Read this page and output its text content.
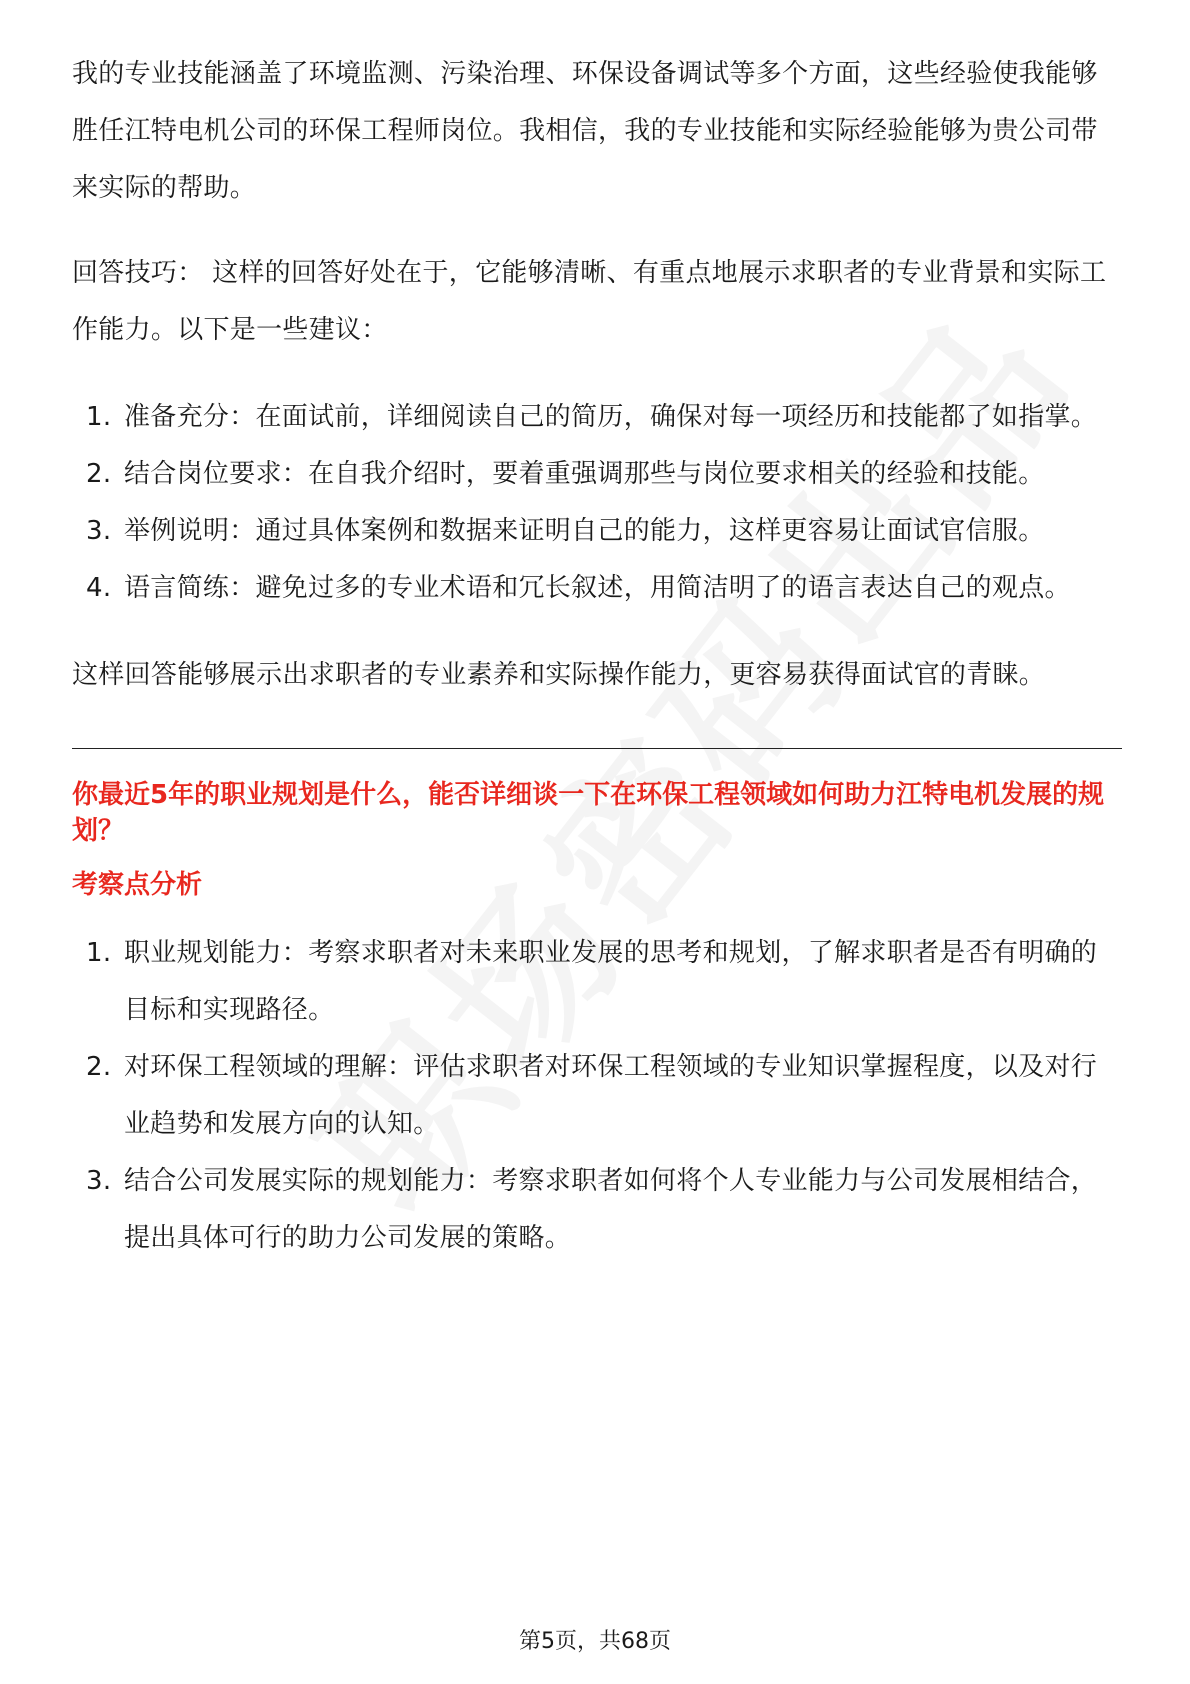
我的专业技能涵盖了环境监测、污染治理、环保设备调试等多个方面，这些经验使我能够胜任江特电机公司的环保工程师岗位。我相信，我的专业技能和实际经验能够为贵公司带来实际的帮助。

回答技巧： 这样的回答好处在于，它能够清晰、有重点地展示求职者的专业背景和实际工作能力。以下是一些建议：

1. 准备充分：在面试前，详细阅读自己的简历，确保对每一项经历和技能都了如指掌。
2. 结合岗位要求：在自我介绍时，要着重强调那些与岗位要求相关的经验和技能。
3. 举例说明：通过具体案例和数据来证明自己的能力，这样更容易让面试官信服。
4. 语言简练：避免过多的专业术语和冗长叙述，用简洁明了的语言表达自己的观点。

这样回答能够展示出求职者的专业素养和实际操作能力，更容易获得面试官的青睐。

你最近5年的职业规划是什么，能否详细谈一下在环保工程领域如何助力江特电机发展的规划？

考察点分析

1. 职业规划能力：考察求职者对未来职业发展的思考和规划，了解求职者是否有明确的目标和实现路径。
2. 对环保工程领域的理解：评估求职者对环保工程领域的专业知识掌握程度，以及对行业趋势和发展方向的认知。
3. 结合公司发展实际的规划能力：考察求职者如何将个人专业能力与公司发展相结合，提出具体可行的助力公司发展的策略。
第5页，共68页
